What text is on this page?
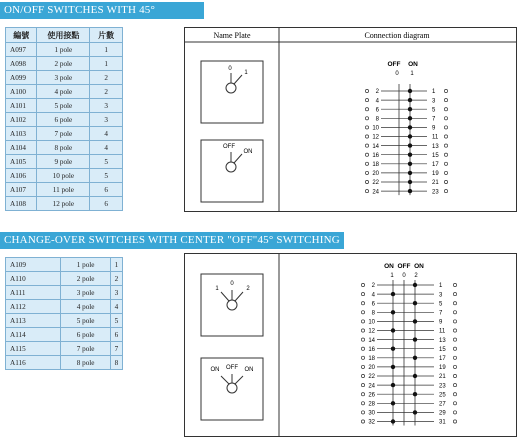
ON/OFF SWITCHES WITH 45°
編號	使用接點	片數
A097	1 pole	1
A098	2 pole	1
A099	3 pole	2
A100	4 pole	2
A101	5 pole	3
A102	6 pole	3
A103	7 pole	4
A104	8 pole	4
A105	9 pole	5
A106	10 pole	5
A107	11 pole	6
A108	12 pole	6
Name Plate	Connection diagram
0
1
OFF
ON
OFF ON
0 1
2	1
4	3
6	5
8	7
10	9
12	11
14	13
16	15
18	17
20	19
22	21
24	23
CHANGE-OVER SWITCHES WITH CENTER "OFF"45° SWITCHING
A109	1 pole	1
A110	2 pole	2
A111	3 pole	3
A112	4 pole	4
A113	5 pole	5
A114	6 pole	6
A115	7 pole	7
A116	8 pole	8
1
0
2
ON OFF ON
ON OFF ON
1 0 2
2	1
4	3
6	5
8	7
10	9
12	11
14	13
16	15
18	17
20	19
22	21
24	23
26	25
28	27
30	29
32	31
